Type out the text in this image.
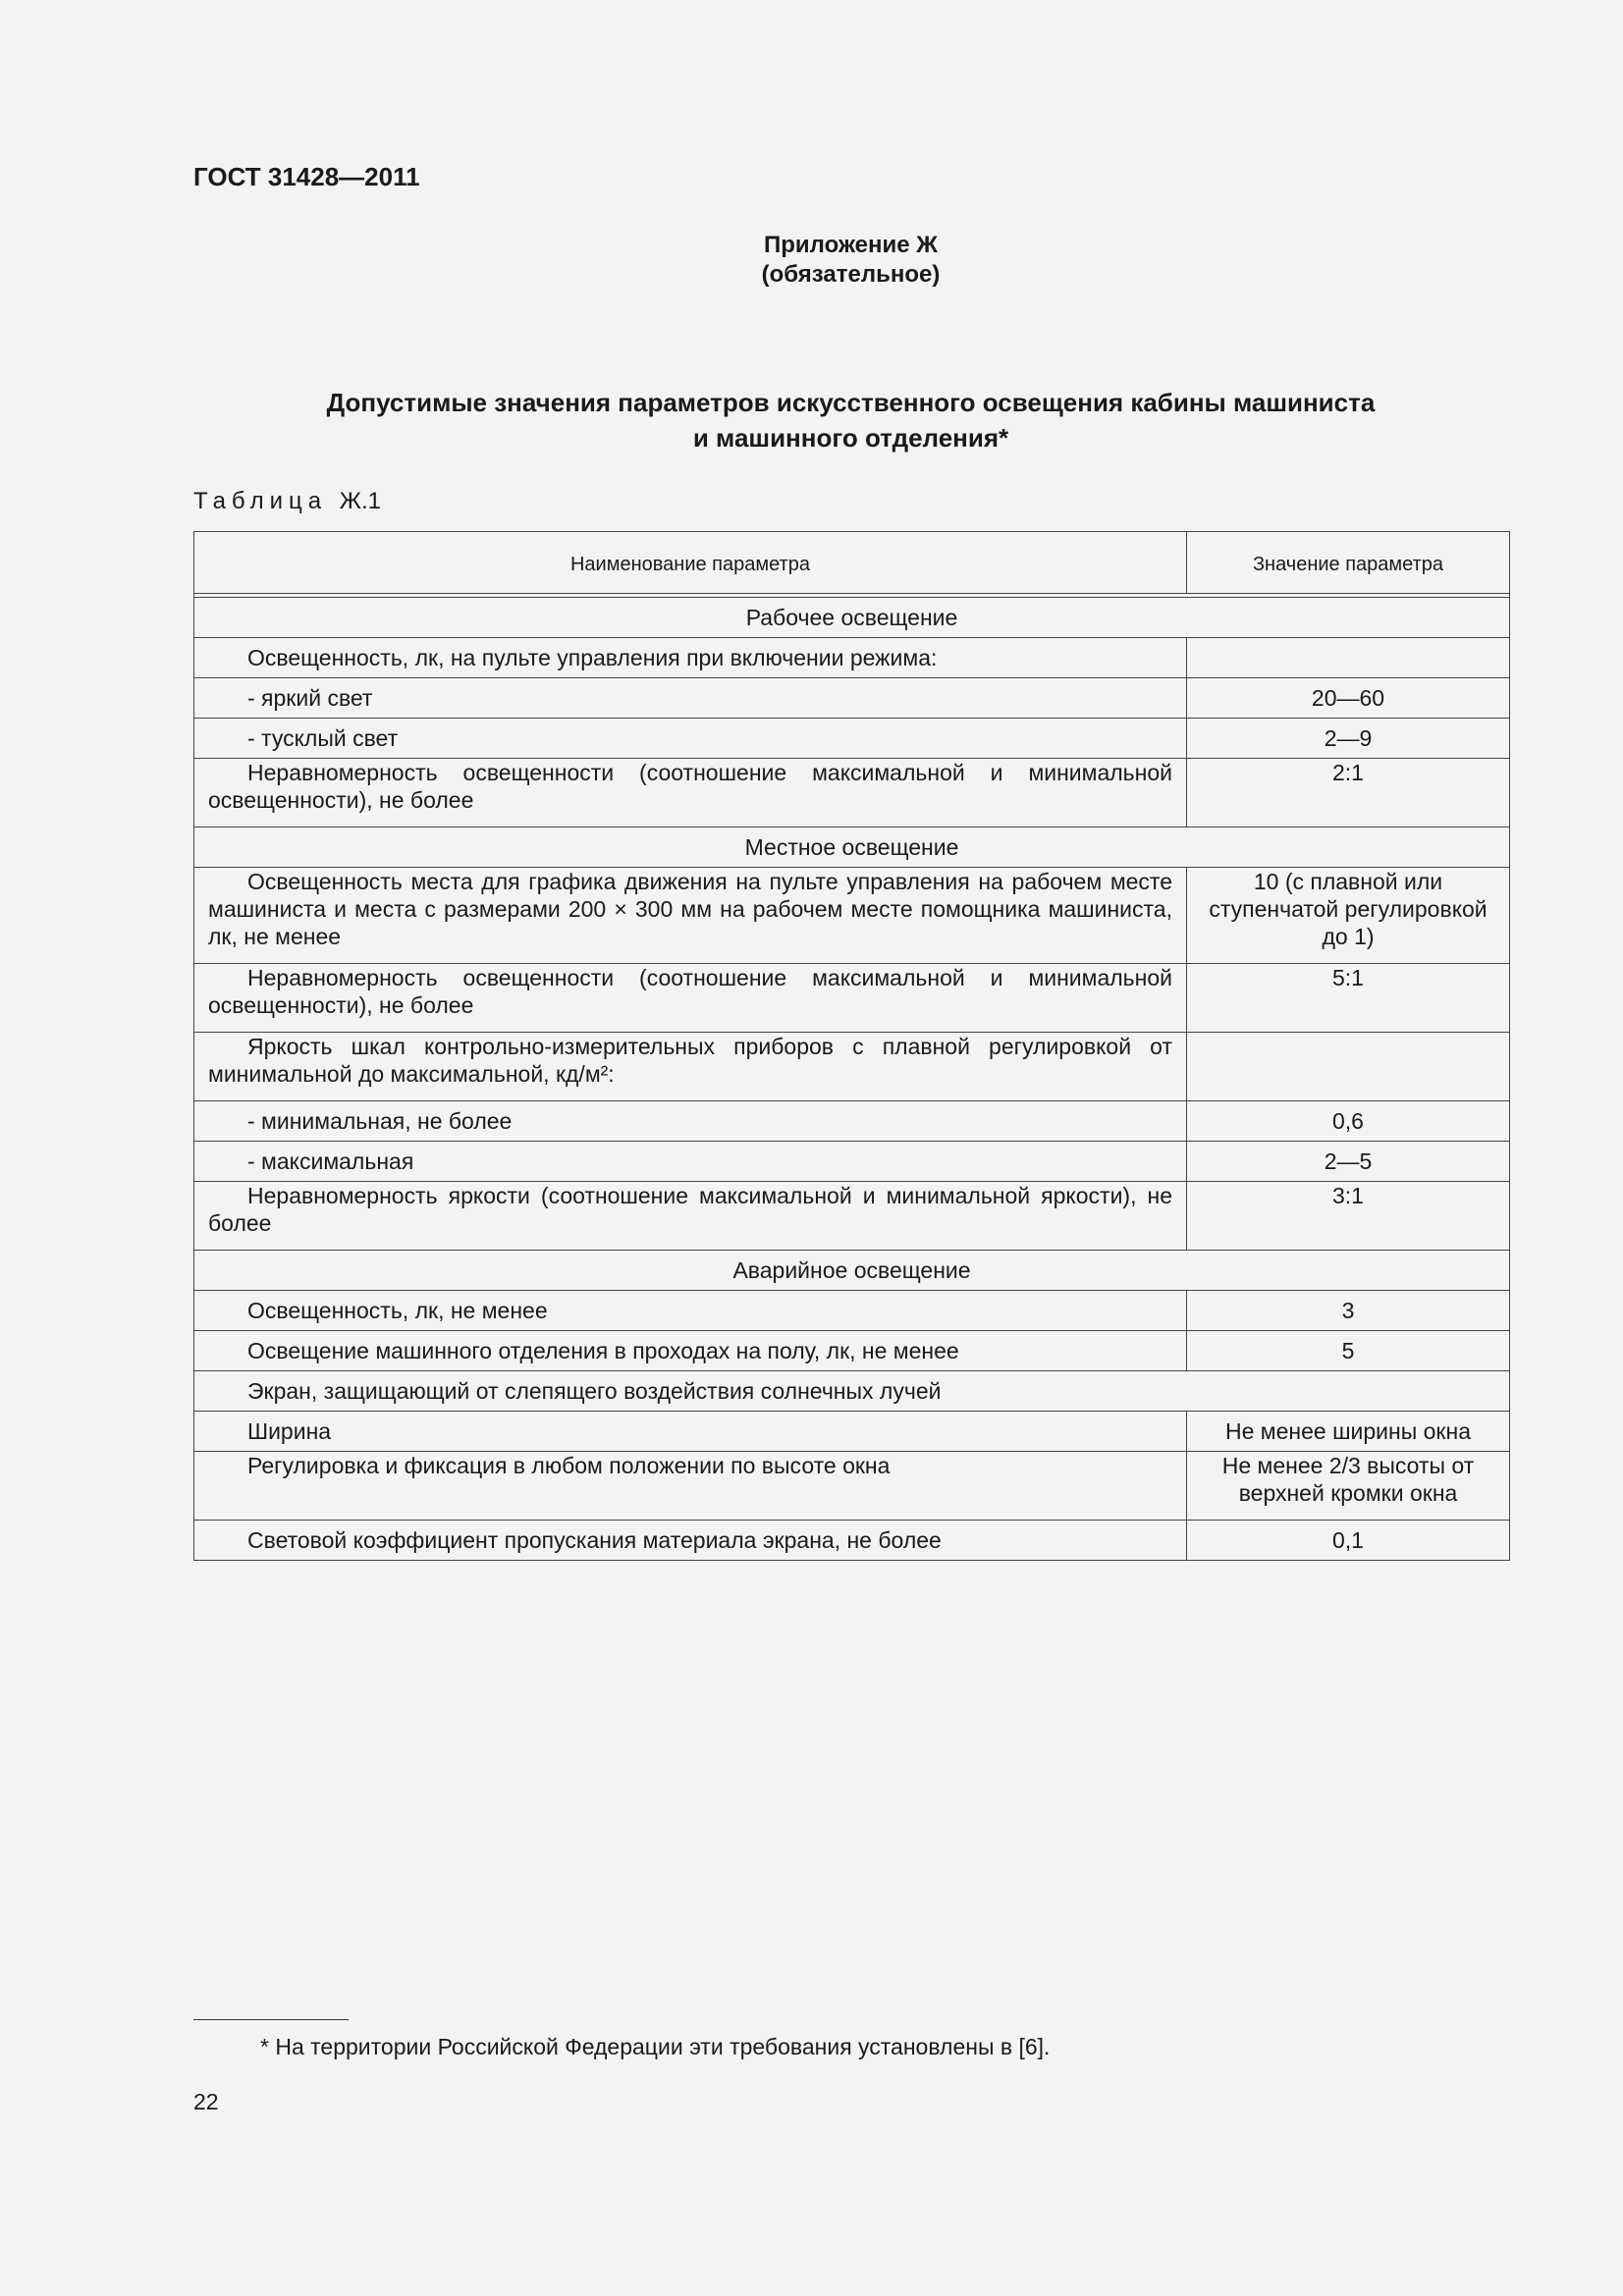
ГОСТ 31428—2011
Приложение Ж
(обязательное)
Допустимые значения параметров искусственного освещения кабины машиниста
и машинного отделения*
Таблица Ж.1
Наименование параметра	Значение параметра

Рабочее освещение	
Освещенность, лк, на пульте управления при включении режима:	
- яркий свет	20—60
- тусклый свет	2—9
Неравномерность освещенности (соотношение максимальной и минимальной освещенности), не более	2:1
Местное освещение	
Освещенность места для графика движения на пульте управления на рабочем месте машиниста и места с размерами 200 × 300 мм на рабочем месте помощника машиниста, лк, не менее	10 (с плавной или ступенчатой регулировкой до 1)
Неравномерность освещенности (соотношение максимальной и минимальной освещенности), не более	5:1
Яркость шкал контрольно-измерительных приборов с плавной регулировкой от минимальной до максимальной, кд/м²:	
- минимальная, не более	0,6
- максимальная	2—5
Неравномерность яркости (соотношение максимальной и минимальной яркости), не более	3:1
Аварийное освещение	
Освещенность, лк, не менее	3
Освещение машинного отделения в проходах на полу, лк, не менее	5
Экран, защищающий от слепящего воздействия солнечных лучей	
Ширина	Не менее ширины окна
Регулировка и фиксация в любом положении по высоте окна	Не менее 2/3 высоты от верхней кромки окна
Световой коэффициент пропускания материала экрана, не более	0,1
* На территории Российской Федерации эти требования установлены в [6].
22
